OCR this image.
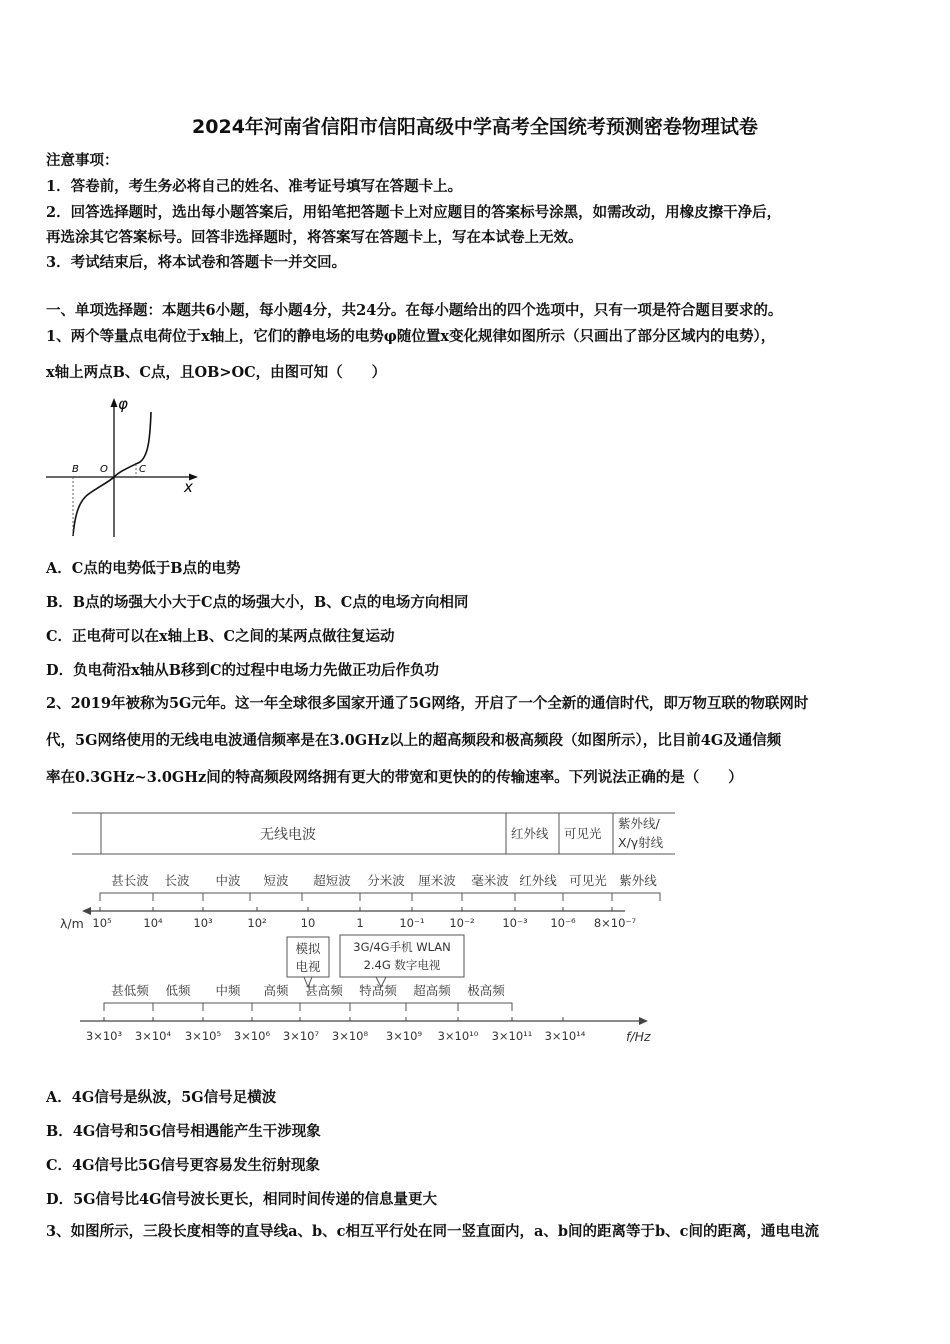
2024年河南省信阳市信阳高级中学高考全国统考预测密卷物理试卷
注意事项：
1．答卷前，考生务必将自己的姓名、准考证号填写在答题卡上。
2．回答选择题时，选出每小题答案后，用铅笔把答题卡上对应题目的答案标号涂黑，如需改动，用橡皮擦干净后，
再选涂其它答案标号。回答非选择题时，将答案写在答题卡上，写在本试卷上无效。
3．考试结束后，将本试卷和答题卡一并交回。
一、单项选择题：本题共6小题，每小题4分，共24分。在每小题给出的四个选项中，只有一项是符合题目要求的。
1、两个等量点电荷位于x轴上，它们的静电场的电势φ随位置x变化规律如图所示（只画出了部分区域内的电势），
x轴上两点B、C点，且OB>OC，由图可知（　　）
φ
x
B O	C
A．C点的电势低于B点的电势
B．B点的场强大小大于C点的场强大小，B、C点的电场方向相同
C．正电荷可以在x轴上B、C之间的某两点做往复运动
D．负电荷沿x轴从B移到C的过程中电场力先做正功后作负功
2、2019年被称为5G元年。这一年全球很多国家开通了5G网络，开启了一个全新的通信时代，即万物互联的物联网时
代，5G网络使用的无线电电波通信频率是在3.0GHz以上的超高频段和极高频段（如图所示），比目前4G及通信频
率在0.3GHz~3.0GHz间的特高频段网络拥有更大的带宽和更快的的传输速率。下列说法正确的是（　　）
无线电波	红外线 可见光
紫外线/
X/γ射线
甚长波 长波 中波 短波 超短波 分米波 厘米波 毫米波 红外线 可见光 紫外线
λ/m 10⁵	10⁴	10³	10²	10	1	10⁻¹ 10⁻² 10⁻³ 10⁻⁶ 8×10⁻⁷
模拟
电视
3G/4G手机 WLAN
2.4G 数字电视
甚低频 低频 中频 高频 甚高频 特高频 超高频 极高频
3×10³ 3×10⁴ 3×10⁵ 3×10⁶ 3×10⁷ 3×10⁸ 3×10⁹ 3×10¹⁰ 3×10¹¹ 3×10¹⁴	f/Hz
A．4G信号是纵波，5G信号足横波
B．4G信号和5G信号相遇能产生干涉现象
C．4G信号比5G信号更容易发生衍射现象
D．5G信号比4G信号波长更长，相同时间传递的信息量更大
3、如图所示，三段长度相等的直导线a、b、c相互平行处在同一竖直面内，a、b间的距离等于b、c间的距离，通电电流
